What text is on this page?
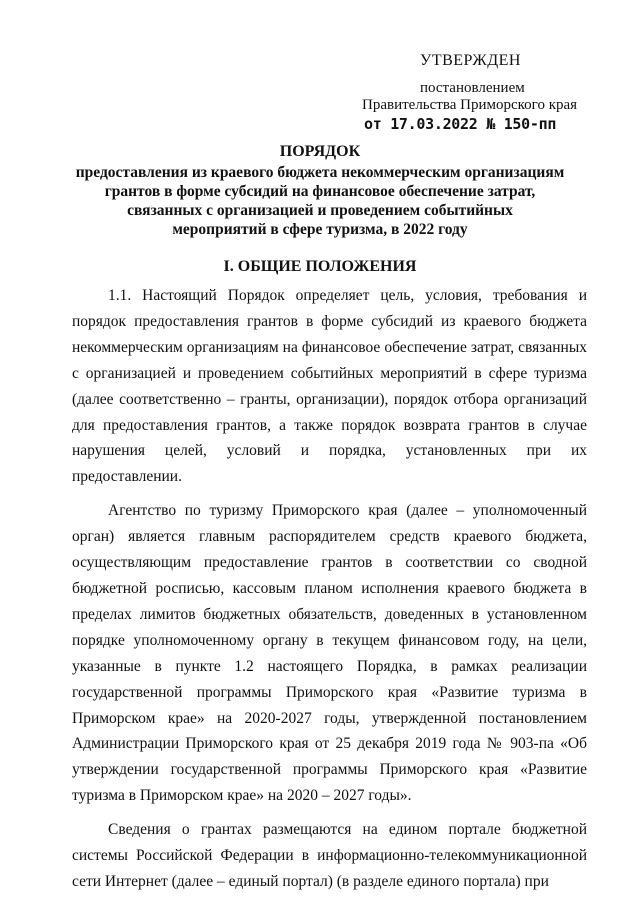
УТВЕРЖДЕН
постановлением
Правительства Приморского края
от 17.03.2022 № 150-пп
ПОРЯДОК
предоставления из краевого бюджета некоммерческим организациям
грантов в форме субсидий на финансовое обеспечение затрат,
связанных с организацией и проведением событийных
мероприятий в сфере туризма, в 2022 году
I. ОБЩИЕ ПОЛОЖЕНИЯ

1.1. Настоящий Порядок определяет цель, условия, требования и порядок предоставления грантов в форме субсидий из краевого бюджета некоммерческим организациям на финансовое обеспечение затрат, связанных с организацией и проведением событийных мероприятий в сфере туризма (далее соответственно – гранты, организации), порядок отбора организаций для предоставления грантов, а также порядок возврата грантов в случае нарушения целей, условий и порядка, установленных при их предоставлении.

Агентство по туризму Приморского края (далее – уполномоченный орган) является главным распорядителем средств краевого бюджета, осуществляющим предоставление грантов в соответствии со сводной бюджетной росписью, кассовым планом исполнения краевого бюджета в пределах лимитов бюджетных обязательств, доведенных в установленном порядке уполномоченному органу в текущем финансовом году, на цели, указанные в пункте 1.2 настоящего Порядка, в рамках реализации государственной программы Приморского края «Развитие туризма в Приморском крае» на 2020-2027 годы, утвержденной постановлением Администрации Приморского края от 25 декабря 2019 года № 903-па «Об утверждении государственной программы Приморского края «Развитие туризма в Приморском крае» на 2020 – 2027 годы».

Сведения о грантах размещаются на едином портале бюджетной системы Российской Федерации в информационно-телекоммуникационной сети Интернет (далее – единый портал) (в разделе единого портала) при
